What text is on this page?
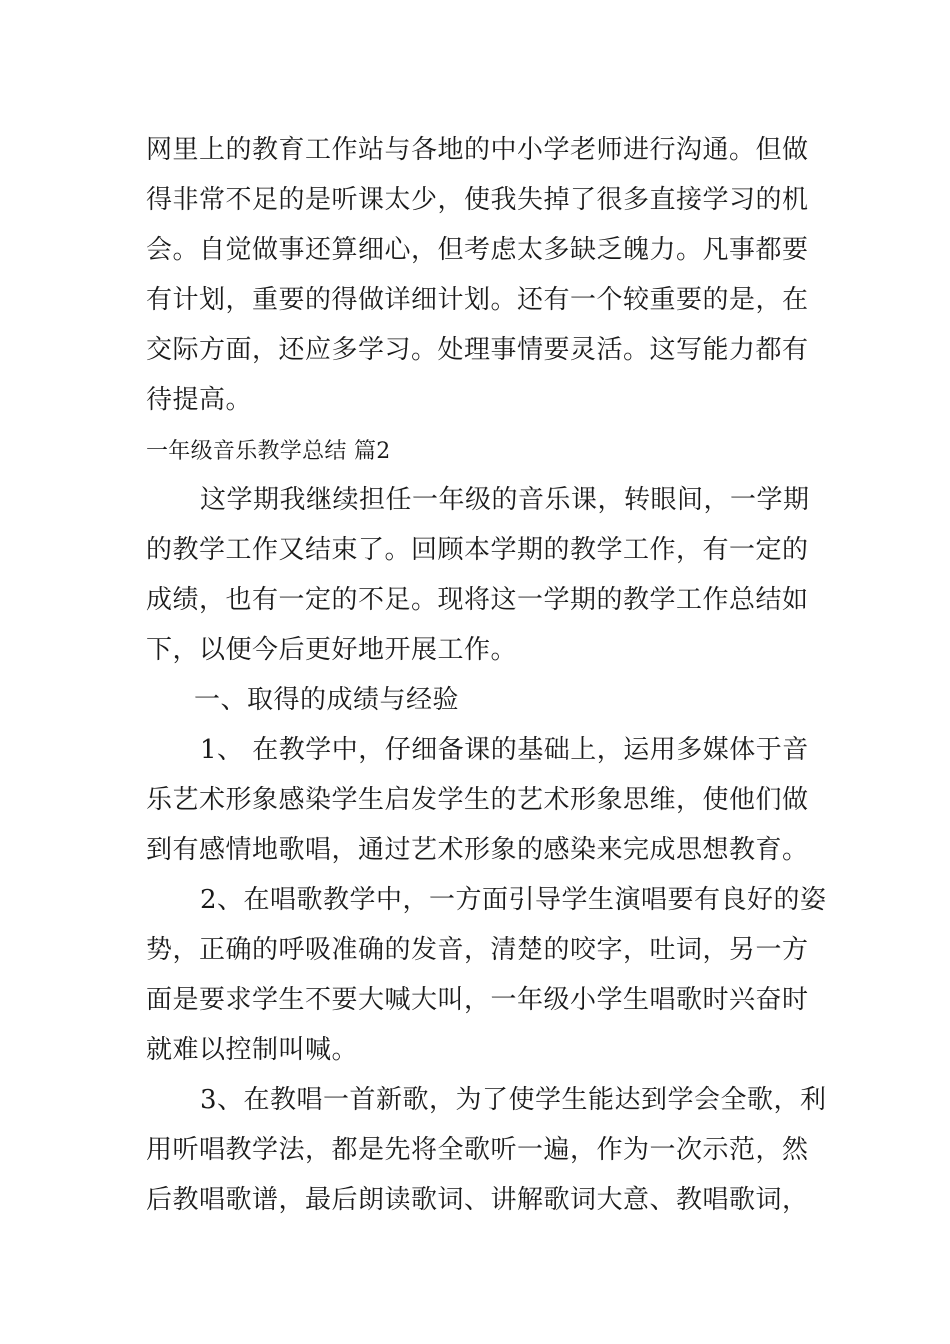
网里上的教育工作站与各地的中小学老师进行沟通。但做
得非常不足的是听课太少，使我失掉了很多直接学习的机
会。自觉做事还算细心，但考虑太多缺乏魄力。凡事都要
有计划，重要的得做详细计划。还有一个较重要的是，在
交际方面，还应多学习。处理事情要灵活。这写能力都有
待提高。
一年级音乐教学总结 篇2
这学期我继续担任一年级的音乐课，转眼间，一学期
的教学工作又结束了。回顾本学期的教学工作，有一定的
成绩，也有一定的不足。现将这一学期的教学工作总结如
下，以便今后更好地开展工作。
一、取得的成绩与经验
1、 在教学中，仔细备课的基础上，运用多媒体于音
乐艺术形象感染学生启发学生的艺术形象思维，使他们做
到有感情地歌唱，通过艺术形象的感染来完成思想教育。
2、在唱歌教学中，一方面引导学生演唱要有良好的姿
势，正确的呼吸准确的发音，清楚的咬字，吐词，另一方
面是要求学生不要大喊大叫，一年级小学生唱歌时兴奋时
就难以控制叫喊。
3、在教唱一首新歌，为了使学生能达到学会全歌，利
用听唱教学法，都是先将全歌听一遍，作为一次示范，然
后教唱歌谱，最后朗读歌词、讲解歌词大意、教唱歌词，
